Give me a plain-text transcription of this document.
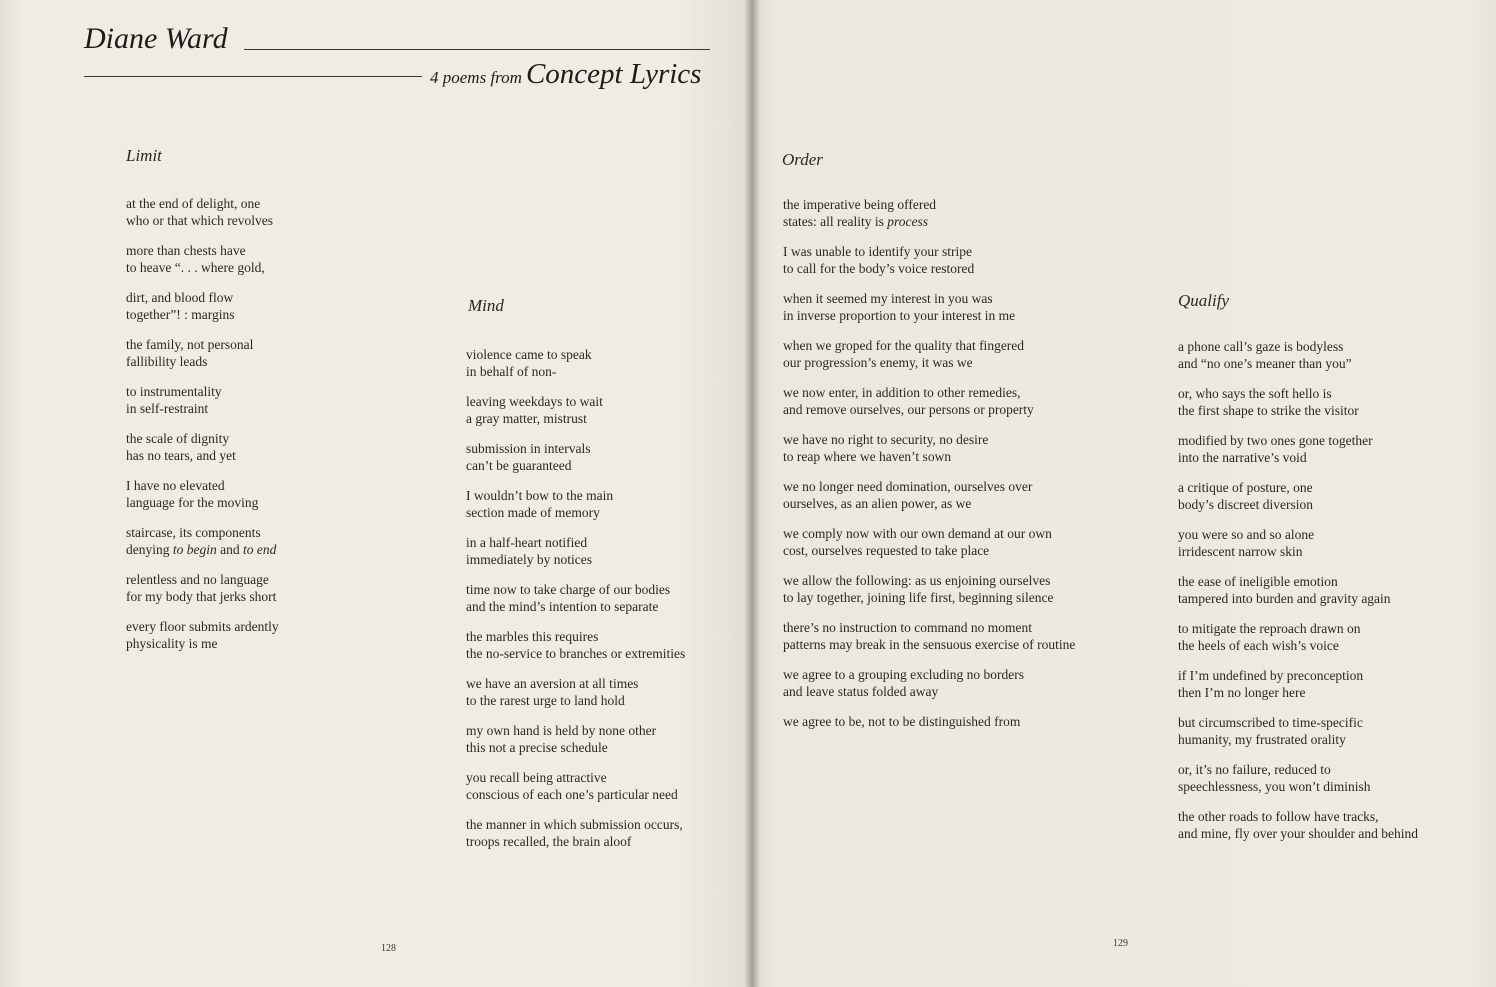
Diane Ward
4 poems from Concept Lyrics
Limit
Mind
Order
Qualify

at the end of delight, one
who or that which revolves

more than chests have
to heave “. . . where gold,

dirt, and blood flow
together”! : margins

the family, not personal
fallibility leads

to instrumentality
in self-restraint

the scale of dignity
has no tears, and yet

I have no elevated
language for the moving

staircase, its components
denying to begin and to end

relentless and no language
for my body that jerks short

every floor submits ardently
physicality is me

violence came to speak
in behalf of non-

leaving weekdays to wait
a gray matter, mistrust

submission in intervals
can’t be guaranteed

I wouldn’t bow to the main
section made of memory

in a half-heart notified
immediately by notices

time now to take charge of our bodies
and the mind’s intention to separate

the marbles this requires
the no-service to branches or extremities

we have an aversion at all times
to the rarest urge to land hold

my own hand is held by none other
this not a precise schedule

you recall being attractive
conscious of each one’s particular need

the manner in which submission occurs,
troops recalled, the brain aloof

the imperative being offered
states: all reality is process

I was unable to identify your stripe
to call for the body’s voice restored

when it seemed my interest in you was
in inverse proportion to your interest in me

when we groped for the quality that fingered
our progression’s enemy, it was we

we now enter, in addition to other remedies,
and remove ourselves, our persons or property

we have no right to security, no desire
to reap where we haven’t sown

we no longer need domination, ourselves over
ourselves, as an alien power, as we

we comply now with our own demand at our own
cost, ourselves requested to take place

we allow the following: as us enjoining ourselves
to lay together, joining life first, beginning silence

there’s no instruction to command no moment
patterns may break in the sensuous exercise of routine

we agree to a grouping excluding no borders
and leave status folded away

we agree to be, not to be distinguished from

a phone call’s gaze is bodyless
and “no one’s meaner than you”

or, who says the soft hello is
the first shape to strike the visitor

modified by two ones gone together
into the narrative’s void

a critique of posture, one
body’s discreet diversion

you were so and so alone
irridescent narrow skin

the ease of ineligible emotion
tampered into burden and gravity again

to mitigate the reproach drawn on
the heels of each wish’s voice

if I’m undefined by preconception
then I’m no longer here

but circumscribed to time-specific
humanity, my frustrated orality

or, it’s no failure, reduced to
speechlessness, you won’t diminish

the other roads to follow have tracks,
and mine, fly over your shoulder and behind

128	129
